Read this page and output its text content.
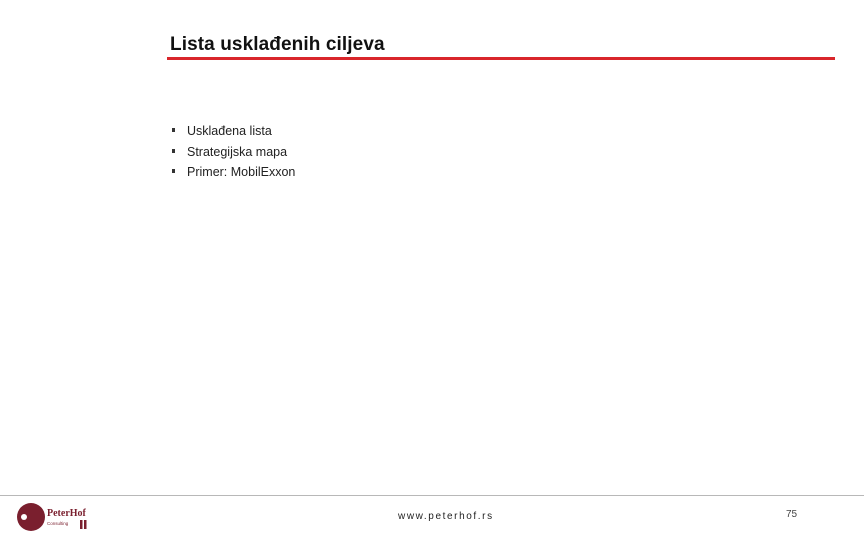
Lista usklađenih ciljeva
Usklađena lista
Strategijska mapa
Primer: MobilExxon
PeterHof
Consulting
www.peterhof.rs	75
